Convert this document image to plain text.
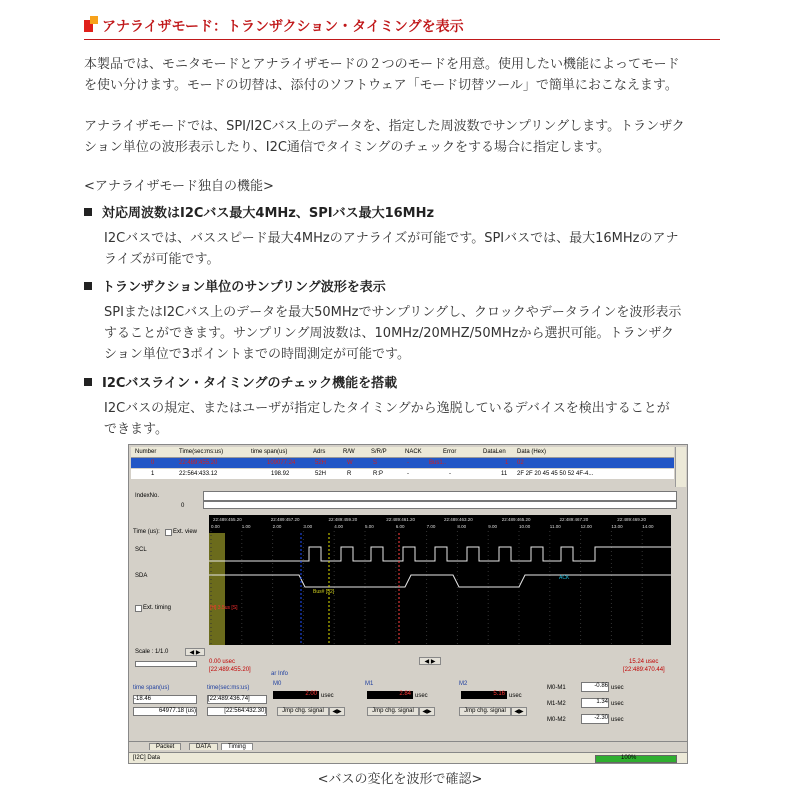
アナライザモード：トランザクション・タイミングを表示
本製品では、モニタモードとアナライザモードの２つのモードを用意。使用したい機能によってモード
を使い分けます。モードの切替は、添付のソフトウェア「モード切替ツール」で簡単におこなえます。
アナライザモードでは、SPI/I2Cバス上のデータを、指定した周波数でサンプリングします。トランザク
ション単位の波形表示したり、I2C通信でタイミングのチェックをする場合に指定します。
<アナライザモード独自の機能>
対応周波数はI2Cバス最大4MHz、SPIバス最大16MHz
I2Cバスでは、バススピード最大4MHzのアナライズが可能です。SPIバスでは、最大16MHzのアナ
ライズが可能です。
トランザクション単位のサンプリング波形を表示
SPIまたはI2Cバス上のデータを最大50MHzでサンプリングし、クロックやデータラインを波形表示
することができます。サンプリング周波数は、10MHz/20MHZ/50MHzから選択可能。トランザク
ション単位で3ポイントまでの時間測定が可能です。
I2Cバスライン・タイミングのチェック機能を搭載
I2Cバスの規定、またはユーザが指定したタイミングから逸脱しているデバイスを検出することが
できます。
Number	Time(sec:ms:us)	time span(us)	Adrs	R/W	S/R/P	NACK	Error	DataLen Data (Hex)
0	22:489:455.20	109077.24	52H	W	S	-	Bus1..	1 02
1	22:564:433.12	198.92	52H	R	R:P	-	-	11 2F 2F 20 45 45 50 52 4F-4...
IndexNo.
0
Time (us): Ext. view
SCL
SDA
Ext. timing
Scale : 1/1.0	◀ ▶
22:489:455.20	22:489:457.20	22:489:459.20	22:489:461.20	22:489:463.20	22:489:465.20	22:489:467.20	22:489:469.20
0.00	1.00	2.00	3.00	4.00	5.00	6.00	7.00	8.00	9.00	10.00	11.00	12.00	13.00	14.00
Bus# [52]
ACK
[H] 3.5us [S]
0.00 usec
[22:489:455.20]
◀ ▶	15.24 usec
[22:489:470.44]
time span(us)
-18.46
64977.18 (us)
time(sec:ms:us)
[22:489:436.74]
[22:564:432.30]
ar Info
M0
2.00 usec
Jmp chg. signal	◀▶
M1
2.84 usec
Jmp chg. signal	◀▶
M2
5.16 usec
Jmp chg. signal	◀▶
M0-M1	-0.86 usec
M1-M2	1.34 usec
M0-M2	-2.30 usec
Packet	DATA	Timing
[I2C] Data	100%
<バスの変化を波形で確認>
